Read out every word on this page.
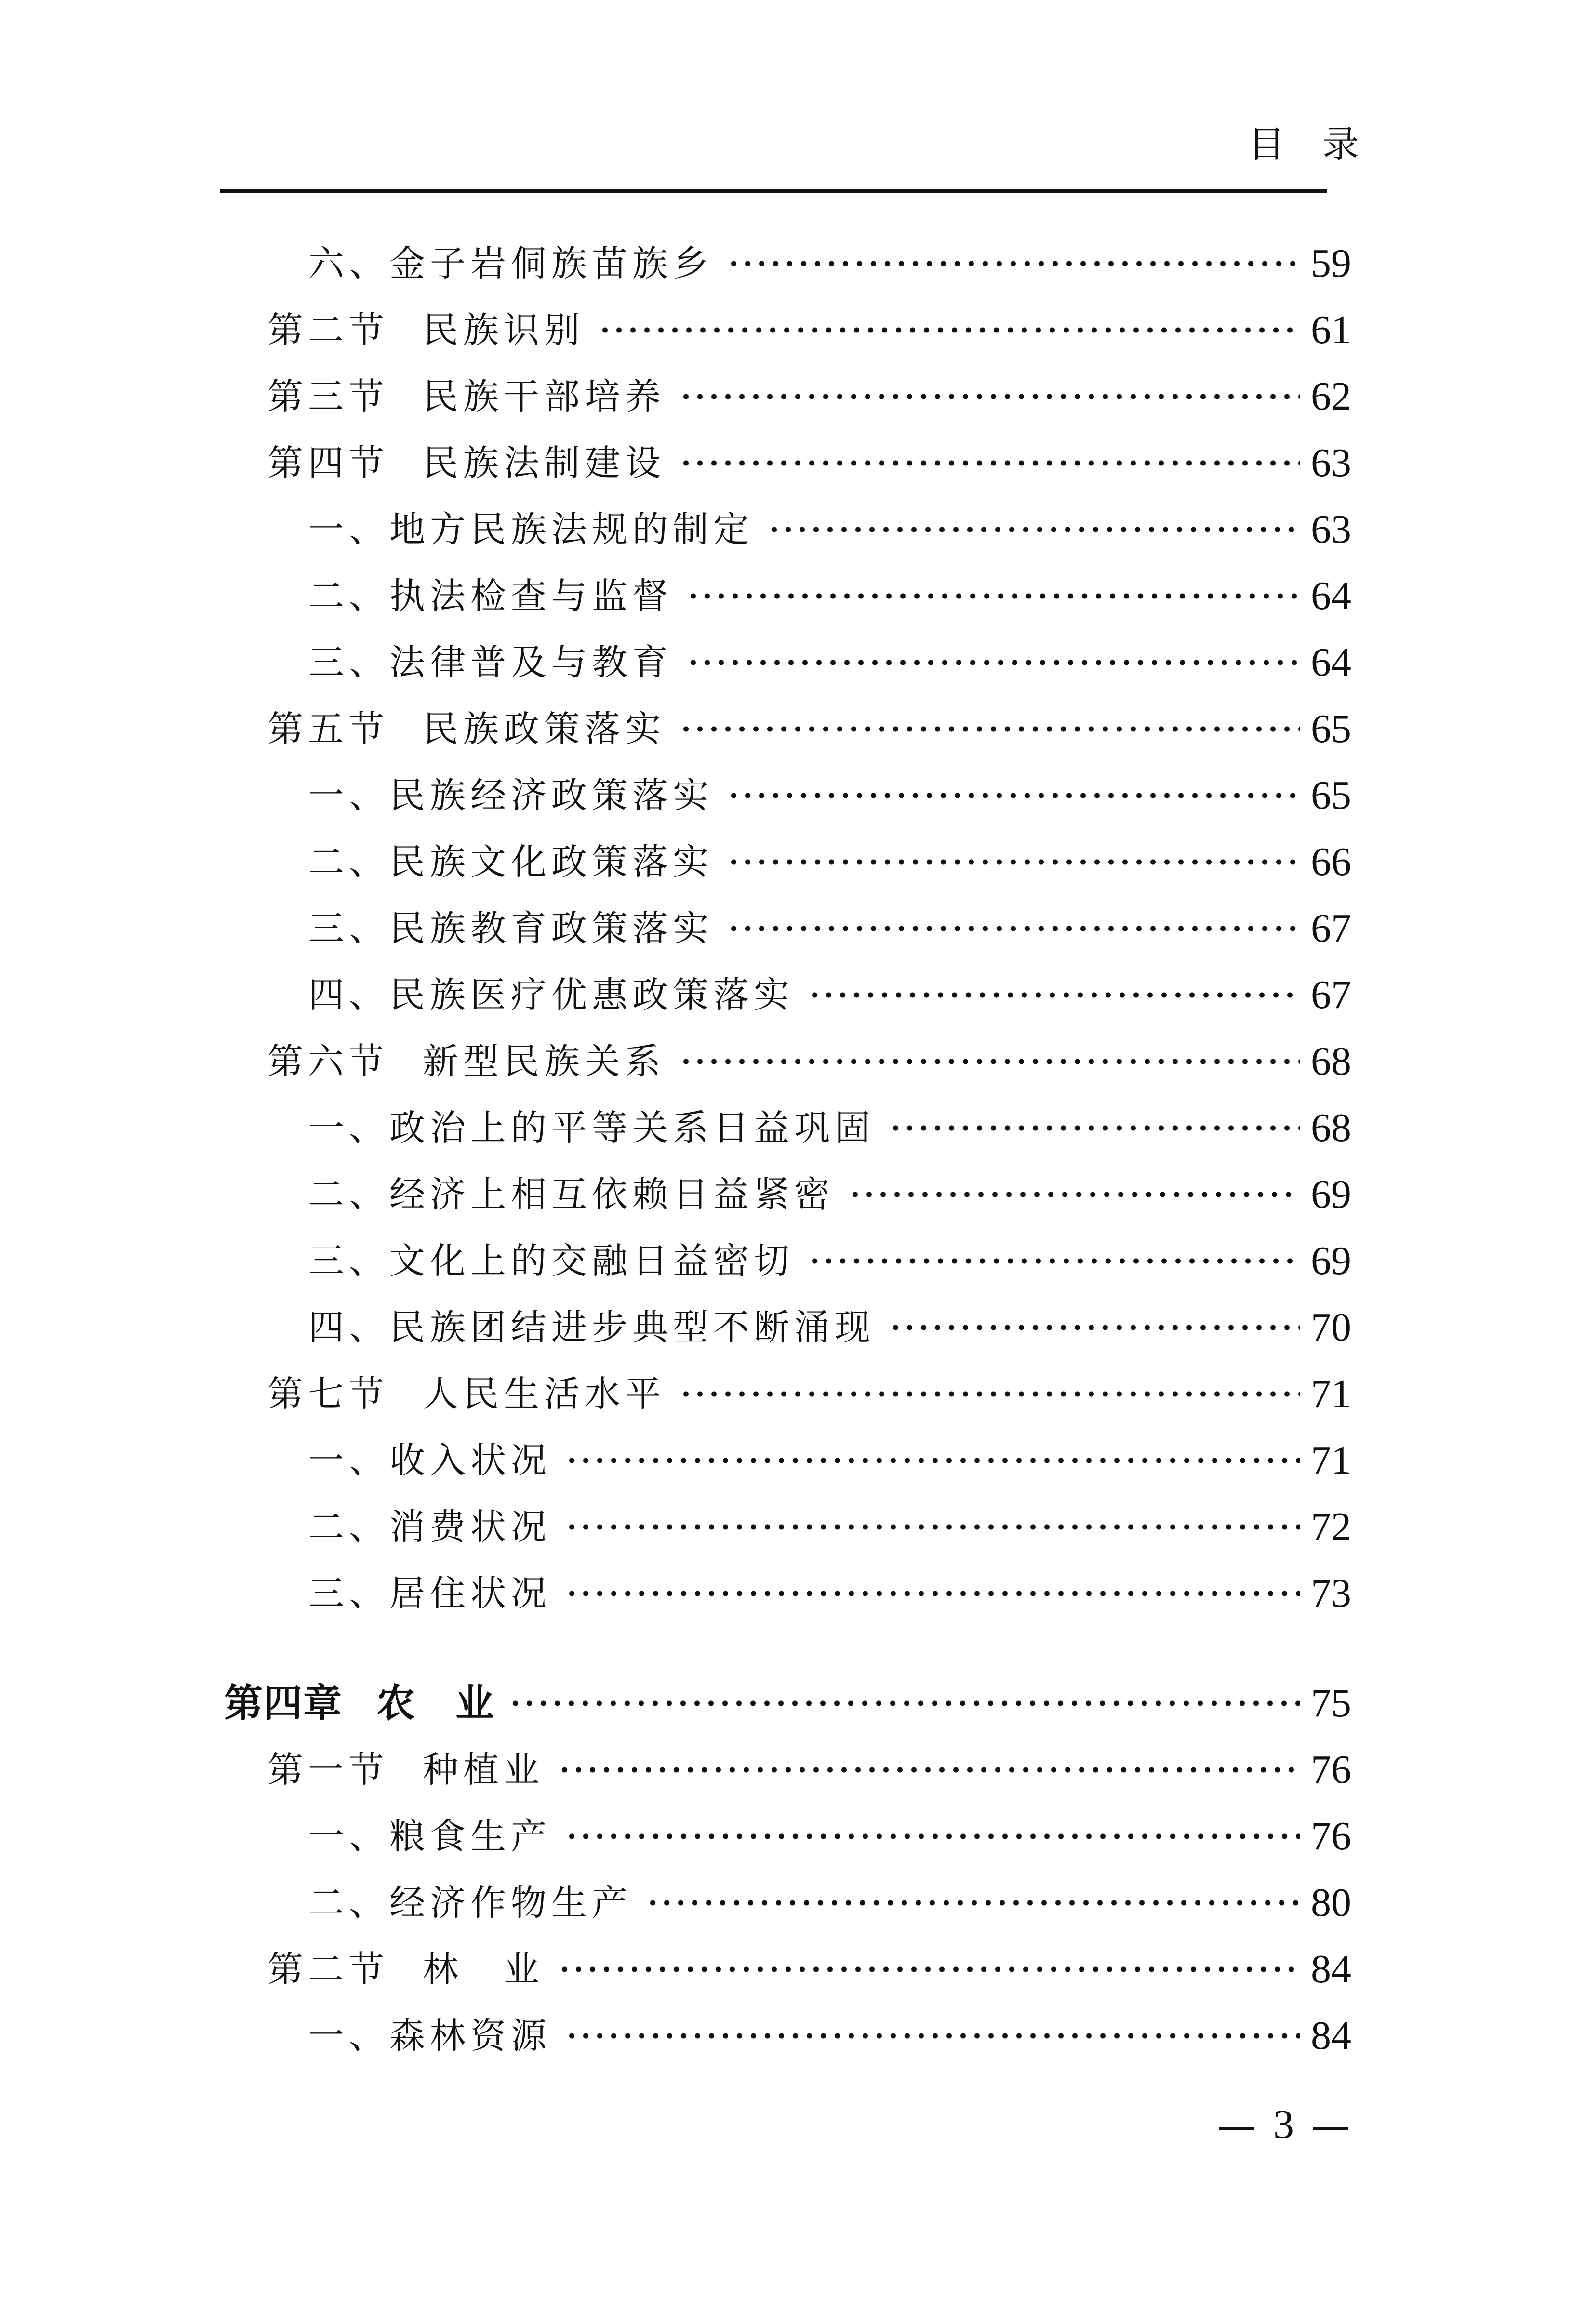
目录
六、金子岩侗族苗族乡	59
第二节 民族识别	61
第三节 民族干部培养	62
第四节 民族法制建设	63
一、地方民族法规的制定	63
二、执法检查与监督	64
三、法律普及与教育	64
第五节 民族政策落实	65
一、民族经济政策落实	65
二、民族文化政策落实	66
三、民族教育政策落实	67
四、民族医疗优惠政策落实	67
第六节 新型民族关系	68
一、政治上的平等关系日益巩固	68
二、经济上相互依赖日益紧密	69
三、文化上的交融日益密切	69
四、民族团结进步典型不断涌现	70
第七节 人民生活水平	71
一、收入状况	71
二、消费状况	72
三、居住状况	73
第四章 农　业	75
第一节 种植业	76
一、粮食生产	76
二、经济作物生产	80
第二节 林　业	84
一、森林资源	84
3
